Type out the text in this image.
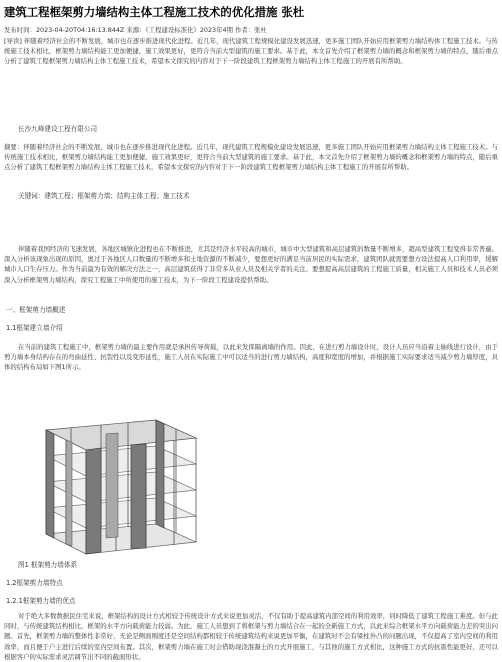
建筑工程框架剪力墙结构主体工程施工技术的优化措施 张杜
发布时间：2023-04-20T04:16:13.844Z 来源：《工程建设标准化》2023年4期 作者：张杜

[导读] 伴随着经济社会的不断发展，城市也在逐步推进现代化进程。近几年，现代建筑工程规模化建设发展迅速，更多施工团队开始应用框架剪力墙结构体工程施工技术。与传统施工技术相比，框架剪力墙结构能工更加便捷，施工效果更好，更符合当前大型建筑的施工要求。基于此，本文首先介绍了框架剪力墙的概念和框架剪力墙的特点，随后重点分析了建筑工程框架剪力墙结构主体工程施工技术，希望本文探究的内容对于下一阶段建筑工程框架剪力墙结构主体工程施工的开展有所帮助。

长沙九峰建设工程有限公司

摘要：伴随着经济社会的不断发展，城市也在逐步推进现代化进程。近几年，现代建筑工程规模化建设发展迅速，更多施工团队开始应用框架剪力墙结构主体工程施工技术。与传统施工技术相比，框架剪力墙结构能工更加便捷，施工效果更好，更符合当前大型建筑的施工要求。基于此，本文首先介绍了框架剪力墙的概念和框架剪力墙的特点，随后重点分析了建筑工程框架剪力墙结构主体工程施工技术，希望本文探究的内容对于下一阶段建筑工程框架剪力墙结构主体工程施工的开展有所帮助。

关键词：建筑工程；框架剪力墙；结构主体工程；施工技术

伴随着我国经济的飞速发展，各地区城镇化进程也在不断推进，尤其是经济水平较高的城市，城市中大型建筑和高层建筑的数量不断增多，超高型建筑工程变得非常普遍。深入分析该现象出现的原因，奥过于各地区人口数量的不断增多和土地资源的不断减少，要想更好的满足当前居民的实际需求，建筑团队就需要想方设法提高人口利用率，缓解城市人口生存压力。作为当前最为有效的解决方法之一，高层建筑获得了非常多从业人员及相关学者的关注。要想提高高层建筑的工程施工质量，相关施工人员和技术人员必须深入分析框架剪力墙结构，探究工程施工中所使用的施工技术，为下一阶段工程建设提供帮助。

一、框架剪力墙概述

1.1框架建立墙介绍

在当前的建筑工程施工中，框架剪力墙的最主要作用就是承担传导荷载，以此来发挥隔离墙的作用。因此，在进行剪力墙设计时，设计人员应当沿着主轴线进行设计，由于剪力墙本身结构存在的弯曲延性、抗裂性以及变形延性，施工人员在实际施工中可以适当的进行剪力墙结构，高度和宽度的增加，并根据施工实际要求适当减少剪力墙厚度，具体的结构布局如下图1所示。

图1 框架剪力墙体系

1.2框架剪力墙特点

1.2.1框架剪力墙的优点

对于绝大多数数据民住宅来说，框架结构的设计方式相较于传统设计方式来说更加灵活，不仅有助于提高建筑内部空间的利用效率，同时降低了建筑工程施工难度。但与此同时，与传统建筑结构相比，框架的水平方向载荷能力较弱。为此，施工人员想到了将框架与剪力墙结合在一起的全新施工方式，以此来综合框架水平方向载荷能力差的突出问题。首先，框架剪力墙的整体性非常好，无论是侧面刚度还是空间结构都相较于传统建筑结构来说更加平衡，在建筑时不会有梁柱外凸的问题出现，不仅提高了室内空间的利用效率，而且便于户主进行后续的室内空间布置。其次，框架剪力墙在施工时会借助现浇混凝土的方式开展施工，与其他的施工方式相比，这种施工方式的抗震性能更好，还可以根据客户的实际需求灵活调节出不同的截面形状。
